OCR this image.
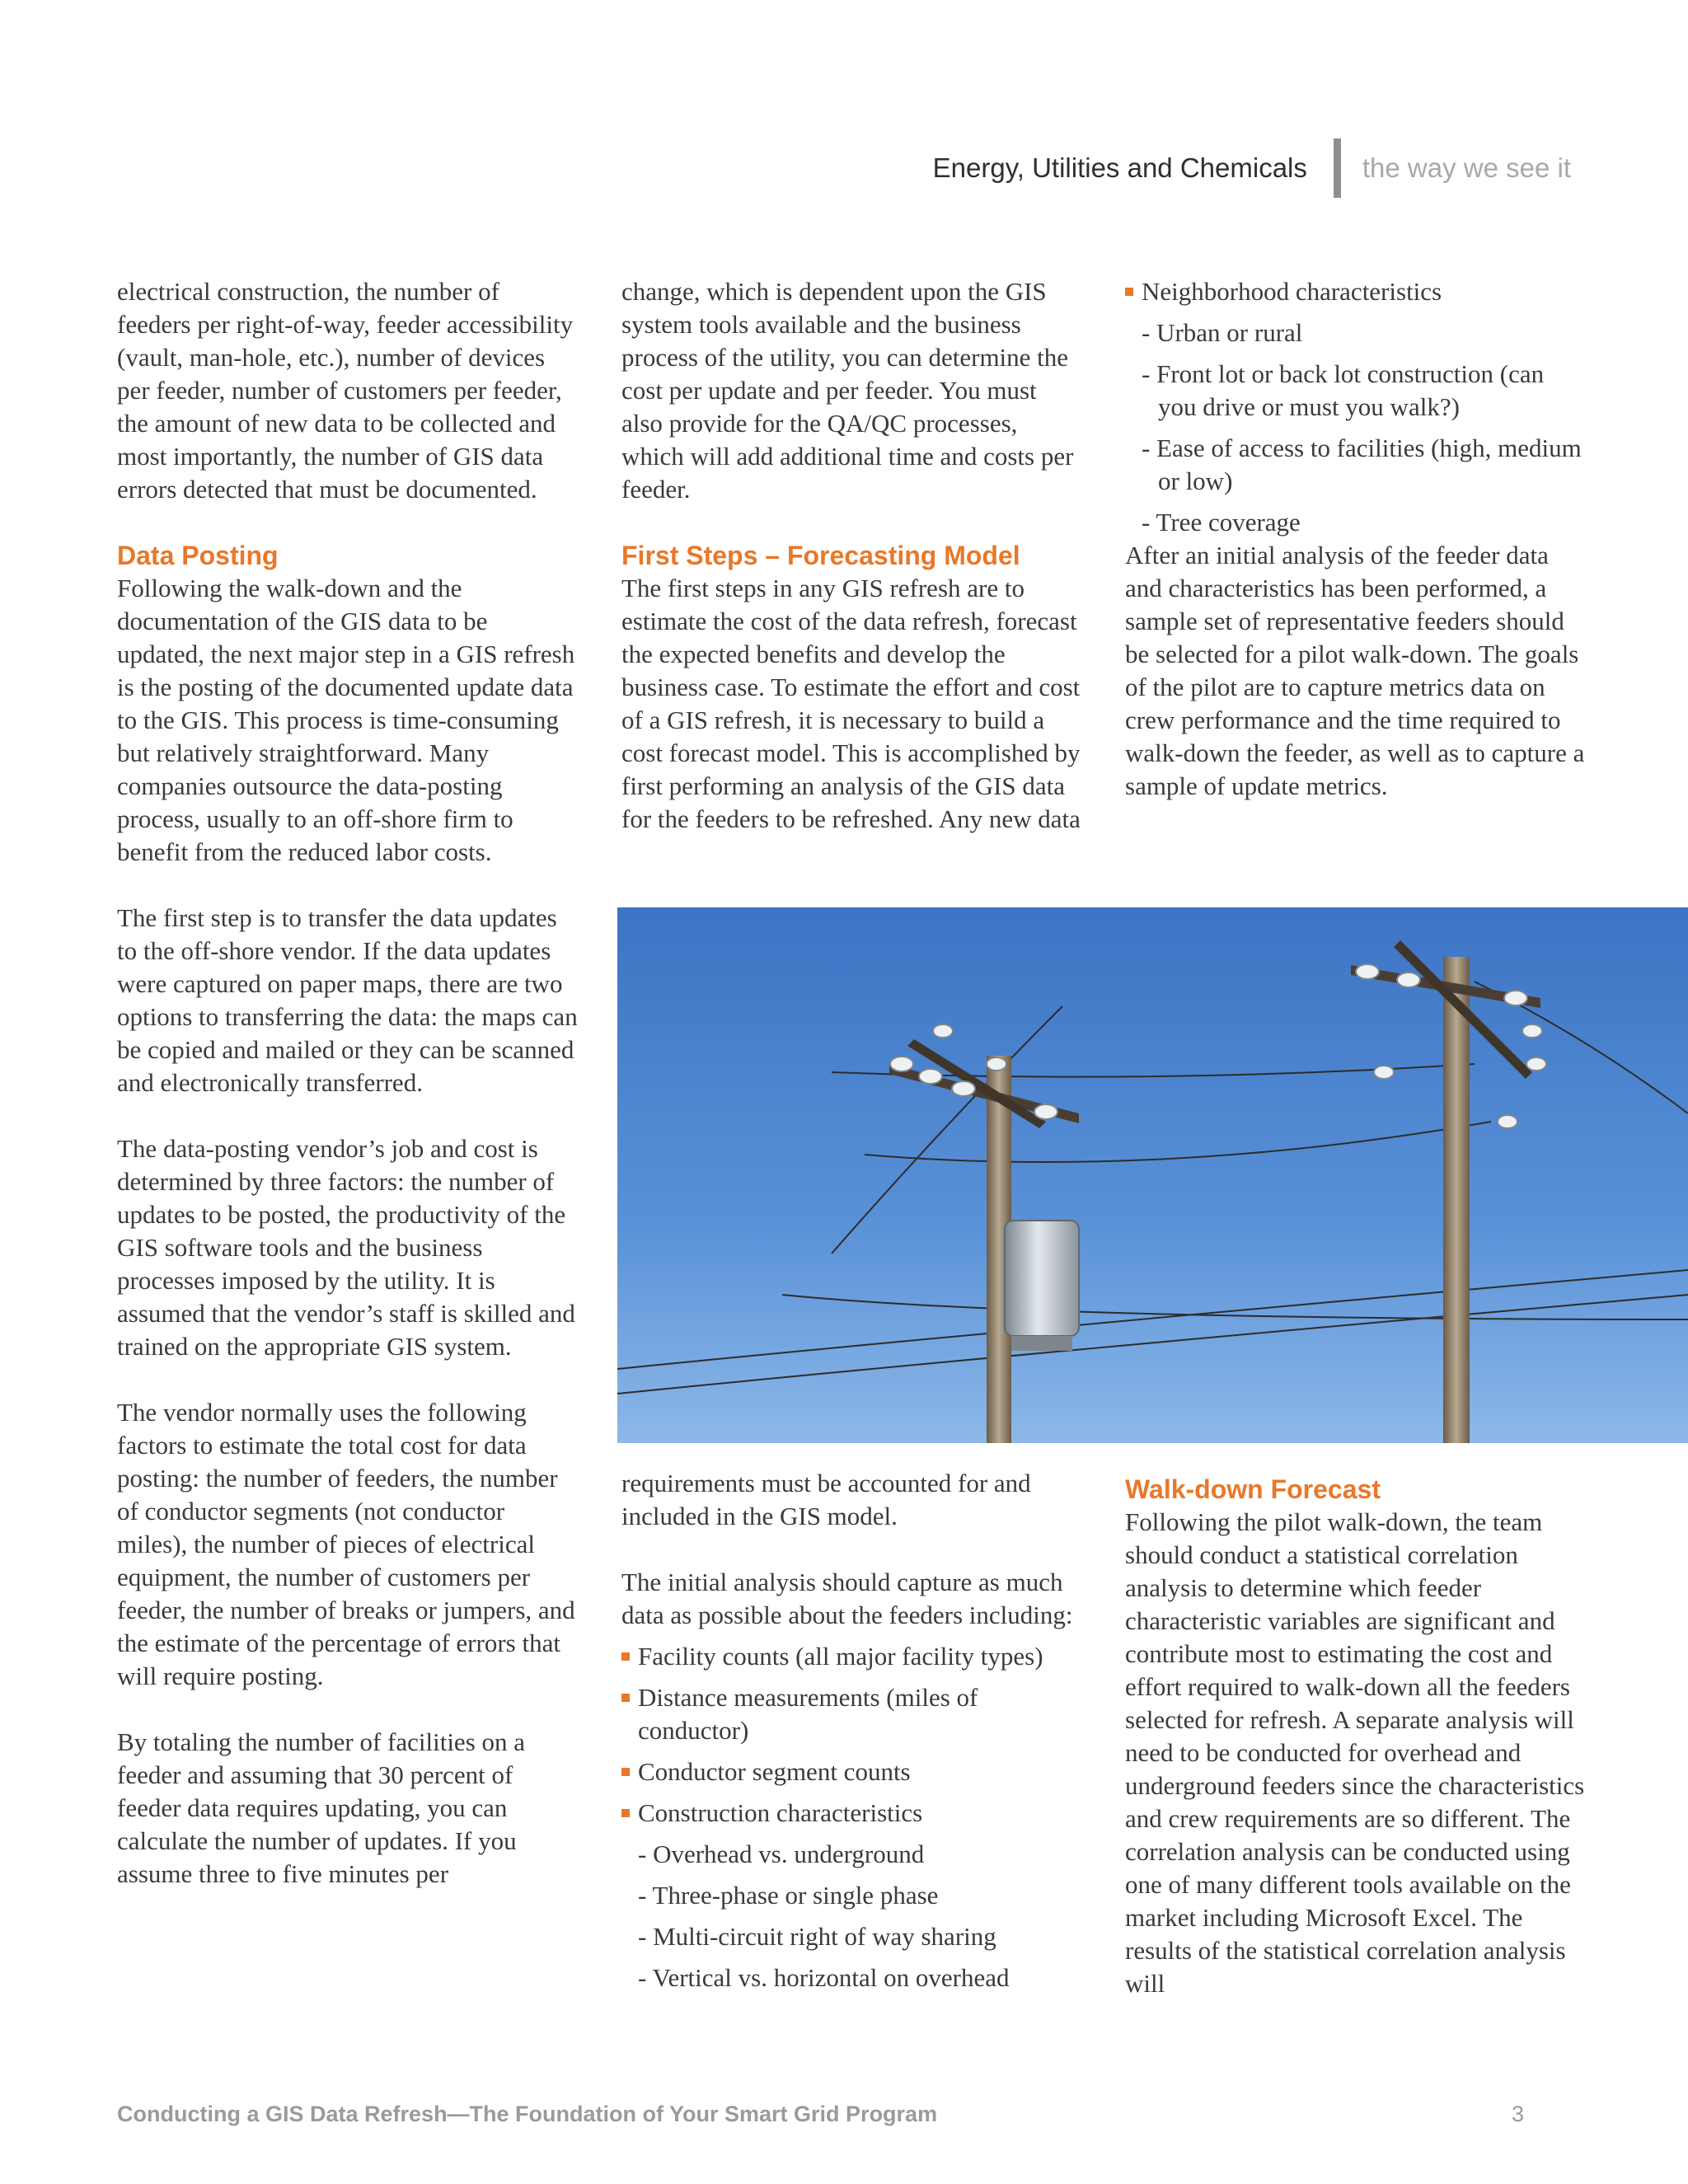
Energy, Utilities and Chemicals the way we see it

electrical construction, the number of feeders per right-of-way, feeder accessibility (vault, man-hole, etc.), number of devices per feeder, number of customers per feeder, the amount of new data to be collected and most importantly, the number of GIS data errors detected that must be documented.

Data Posting

Following the walk-down and the documentation of the GIS data to be updated, the next major step in a GIS refresh is the posting of the documented update data to the GIS. This process is time-consuming but relatively straightforward. Many companies outsource the data-posting process, usually to an off-shore firm to benefit from the reduced labor costs.

The first step is to transfer the data updates to the off-shore vendor. If the data updates were captured on paper maps, there are two options to transferring the data: the maps can be copied and mailed or they can be scanned and electronically transferred.

The data-posting vendor’s job and cost is determined by three factors: the number of updates to be posted, the productivity of the GIS software tools and the business processes imposed by the utility. It is assumed that the vendor’s staff is skilled and trained on the appropriate GIS system.

The vendor normally uses the following factors to estimate the total cost for data posting: the number of feeders, the number of conductor segments (not conductor miles), the number of pieces of electrical equipment, the number of customers per feeder, the number of breaks or jumpers, and the estimate of the percentage of errors that will require posting.

By totaling the number of facilities on a feeder and assuming that 30 percent of feeder data requires updating, you can calculate the number of updates. If you assume three to five minutes per

change, which is dependent upon the GIS system tools available and the business process of the utility, you can determine the cost per update and per feeder. You must also provide for the QA/QC processes, which will add additional time and costs per feeder.

First Steps – Forecasting Model

The first steps in any GIS refresh are to estimate the cost of the data refresh, forecast the expected benefits and develop the business case. To estimate the effort and cost of a GIS refresh, it is necessary to build a cost forecast model. This is accomplished by first performing an analysis of the GIS data for the feeders to be refreshed. Any new data

requirements must be accounted for and included in the GIS model.

The initial analysis should capture as much data as possible about the feeders including:

Facility counts (all major facility types)
Distance measurements (miles of conductor)
Conductor segment counts
Construction characteristics
- Overhead vs. underground
- Three-phase or single phase
- Multi-circuit right of way sharing
- Vertical vs. horizontal on overhead
Neighborhood characteristics
- Urban or rural
- Front lot or back lot construction (can you drive or must you walk?)
- Ease of access to facilities (high, medium or low)
- Tree coverage

After an initial analysis of the feeder data and characteristics has been performed, a sample set of representative feeders should be selected for a pilot walk-down. The goals of the pilot are to capture metrics data on crew performance and the time required to walk-down the feeder, as well as to capture a sample of update metrics.

Walk-down Forecast

Following the pilot walk-down, the team should conduct a statistical correlation analysis to determine which feeder characteristic variables are significant and contribute most to estimating the cost and effort required to walk-down all the feeders selected for refresh. A separate analysis will need to be conducted for overhead and underground feeders since the characteristics and crew requirements are so different. The correlation analysis can be conducted using one of many different tools available on the market including Microsoft Excel. The results of the statistical correlation analysis will

Conducting a GIS Data Refresh—The Foundation of Your Smart Grid Program	3
